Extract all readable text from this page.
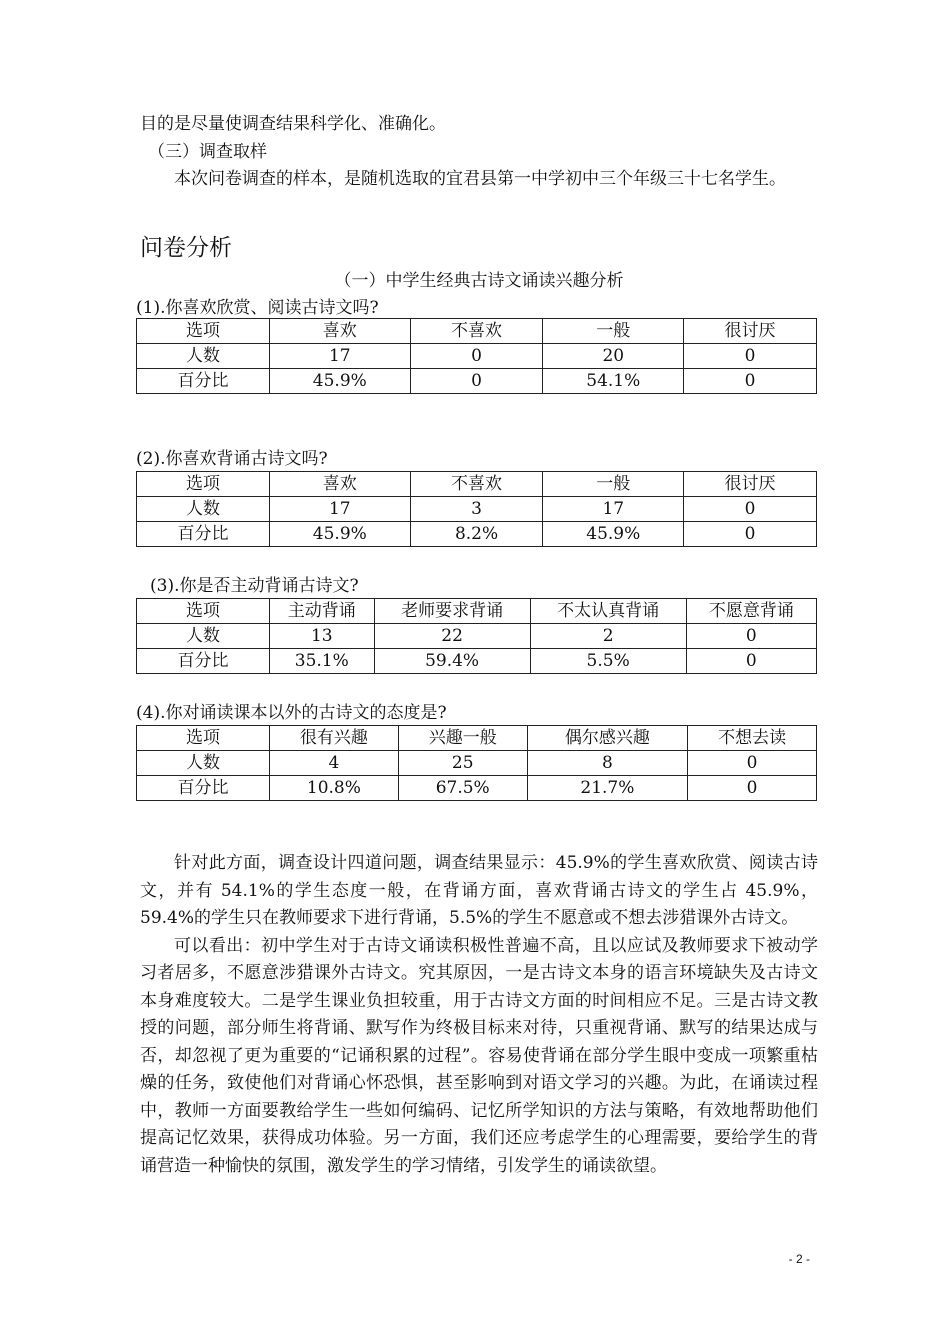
目的是尽量使调查结果科学化、准确化。

（三）调查取样

本次问卷调查的样本，是随机选取的宜君县第一中学初中三个年级三十七名学生。

问卷分析
（一）中学生经典古诗文诵读兴趣分析

(1).你喜欢欣赏、阅读古诗文吗?

选项	喜欢	不喜欢	一般	很讨厌
人数	17	0	20	0
百分比	45.9%	0	54.1%	0

(2).你喜欢背诵古诗文吗?

选项	喜欢	不喜欢	一般	很讨厌
人数	17	3	17	0
百分比	45.9%	8.2%	45.9%	0

(3).你是否主动背诵古诗文?

选项	主动背诵	老师要求背诵	不太认真背诵	不愿意背诵
人数	13	22	2	0
百分比	35.1%	59.4%	5.5%	0

(4).你对诵读课本以外的古诗文的态度是?

选项	很有兴趣	兴趣一般	偶尔感兴趣	不想去读
人数	4	25	8	0
百分比	10.8%	67.5%	21.7%	0

针对此方面，调查设计四道问题，调查结果显示：45.9%的学生喜欢欣赏、阅读古诗文，并有 54.1%的学生态度一般，在背诵方面，喜欢背诵古诗文的学生占 45.9%，59.4%的学生只在教师要求下进行背诵，5.5%的学生不愿意或不想去涉猎课外古诗文。

可以看出：初中学生对于古诗文诵读积极性普遍不高，且以应试及教师要求下被动学习者居多，不愿意涉猎课外古诗文。究其原因，一是古诗文本身的语言环境缺失及古诗文本身难度较大。二是学生课业负担较重，用于古诗文方面的时间相应不足。三是古诗文教授的问题，部分师生将背诵、默写作为终极目标来对待，只重视背诵、默写的结果达成与否，却忽视了更为重要的“记诵积累的过程”。容易使背诵在部分学生眼中变成一项繁重枯燥的任务，致使他们对背诵心怀恐惧，甚至影响到对语文学习的兴趣。为此，在诵读过程中，教师一方面要教给学生一些如何编码、记忆所学知识的方法与策略，有效地帮助他们提高记忆效果，获得成功体验。另一方面，我们还应考虑学生的心理需要，要给学生的背诵营造一种愉快的氛围，激发学生的学习情绪，引发学生的诵读欲望。

- 2 -
